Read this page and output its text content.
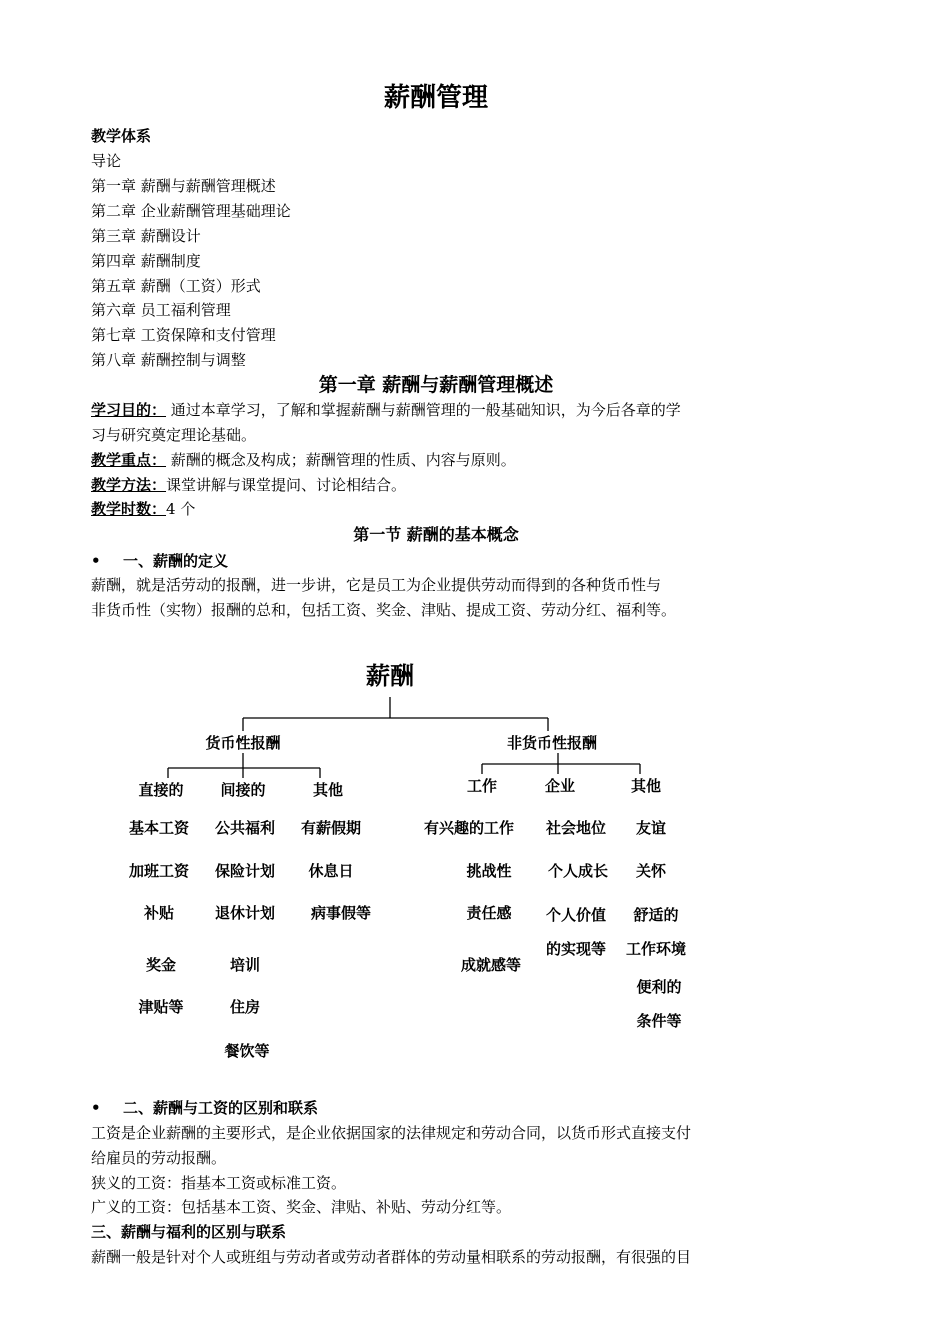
薪酬管理
教学体系
导论
第一章 薪酬与薪酬管理概述
第二章 企业薪酬管理基础理论
第三章 薪酬设计
第四章 薪酬制度
第五章 薪酬（工资）形式
第六章 员工福利管理
第七章 工资保障和支付管理
第八章 薪酬控制与调整
第一章 薪酬与薪酬管理概述
学习目的： 通过本章学习，了解和掌握薪酬与薪酬管理的一般基础知识，为今后各章的学
习与研究奠定理论基础。
教学重点： 薪酬的概念及构成；薪酬管理的性质、内容与原则。
教学方法：课堂讲解与课堂提问、讨论相结合。
教学时数：4 个
第一节 薪酬的基本概念
• 一、薪酬的定义
薪酬，就是活劳动的报酬，进一步讲，它是员工为企业提供劳动而得到的各种货币性与
非货币性（实物）报酬的总和，包括工资、奖金、津贴、提成工资、劳动分红、福利等。
薪酬
货币性报酬	非货币性报酬
直接的
基本工资
加班工资
补贴
奖金
津贴等
间接的
公共福利
保险计划
退休计划
培训
住房
餐饮等
其他
有薪假期
休息日
病事假等
工作
有兴趣的工作
挑战性
责任感
成就感等
企业
社会地位
个人成长
个人价值
的实现等
其他
友谊
关怀
舒适的
工作环境
便利的
条件等
• 二、薪酬与工资的区别和联系
工资是企业薪酬的主要形式，是企业依据国家的法律规定和劳动合同，以货币形式直接支付
给雇员的劳动报酬。
狭义的工资：指基本工资或标准工资。
广义的工资：包括基本工资、奖金、津贴、补贴、劳动分红等。
三、薪酬与福利的区别与联系
薪酬一般是针对个人或班组与劳动者或劳动者群体的劳动量相联系的劳动报酬，有很强的目
